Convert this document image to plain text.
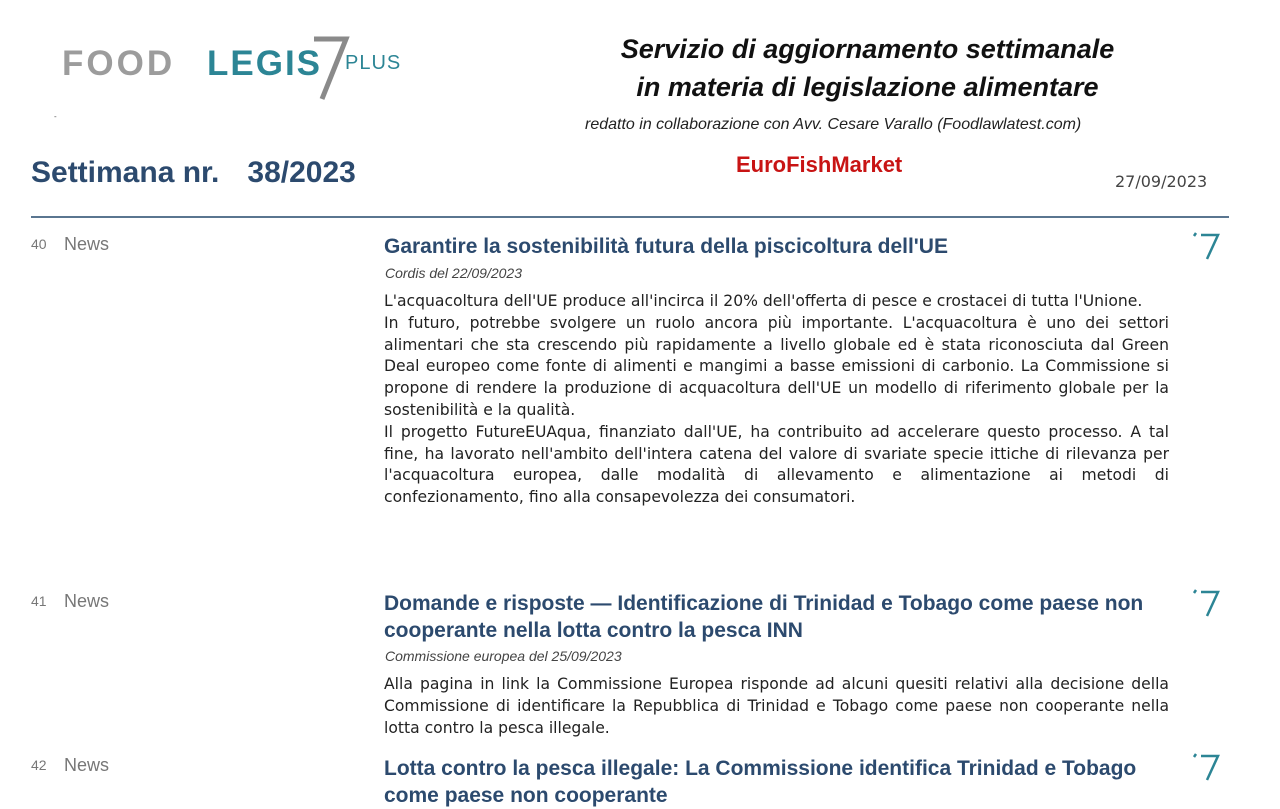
FOOD LEGIS PLUS
-
Servizio di aggiornamento settimanale
in materia di legislazione alimentare
redatto in collaborazione con Avv. Cesare Varallo (Foodlawlatest.com)
EuroFishMarket
Settimana nr. 38/2023	27/09/2023
40 News	Garantire la sostenibilità futura della piscicoltura dell'UE
Cordis del 22/09/2023

L'acquacoltura dell'UE produce all'incirca il 20% dell'offerta di pesce e crostacei di tutta l'Unione.

In futuro, potrebbe svolgere un ruolo ancora più importante. L'acquacoltura è uno dei settori alimentari che sta crescendo più rapidamente a livello globale ed è stata riconosciuta dal Green Deal europeo come fonte di alimenti e mangimi a basse emissioni di carbonio. La Commissione si propone di rendere la produzione di acquacoltura dell'UE un modello di riferimento globale per la sostenibilità e la qualità.

Il progetto FutureEUAqua, finanziato dall'UE, ha contribuito ad accelerare questo processo. A tal fine, ha lavorato nell'ambito dell'intera catena del valore di svariate specie ittiche di rilevanza per l'acquacoltura europea, dalle modalità di allevamento e alimentazione ai metodi di confezionamento, fino alla consapevolezza dei consumatori.

41 News	Domande e risposte — Identificazione di Trinidad e Tobago come paese non cooperante nella lotta contro la pesca INN
Commissione europea del 25/09/2023

Alla pagina in link la Commissione Europea risponde ad alcuni quesiti relativi alla decisione della Commissione di identificare la Repubblica di Trinidad e Tobago come paese non cooperante nella lotta contro la pesca illegale.

42 News	Lotta contro la pesca illegale: La Commissione identifica Trinidad e Tobago come paese non cooperante
